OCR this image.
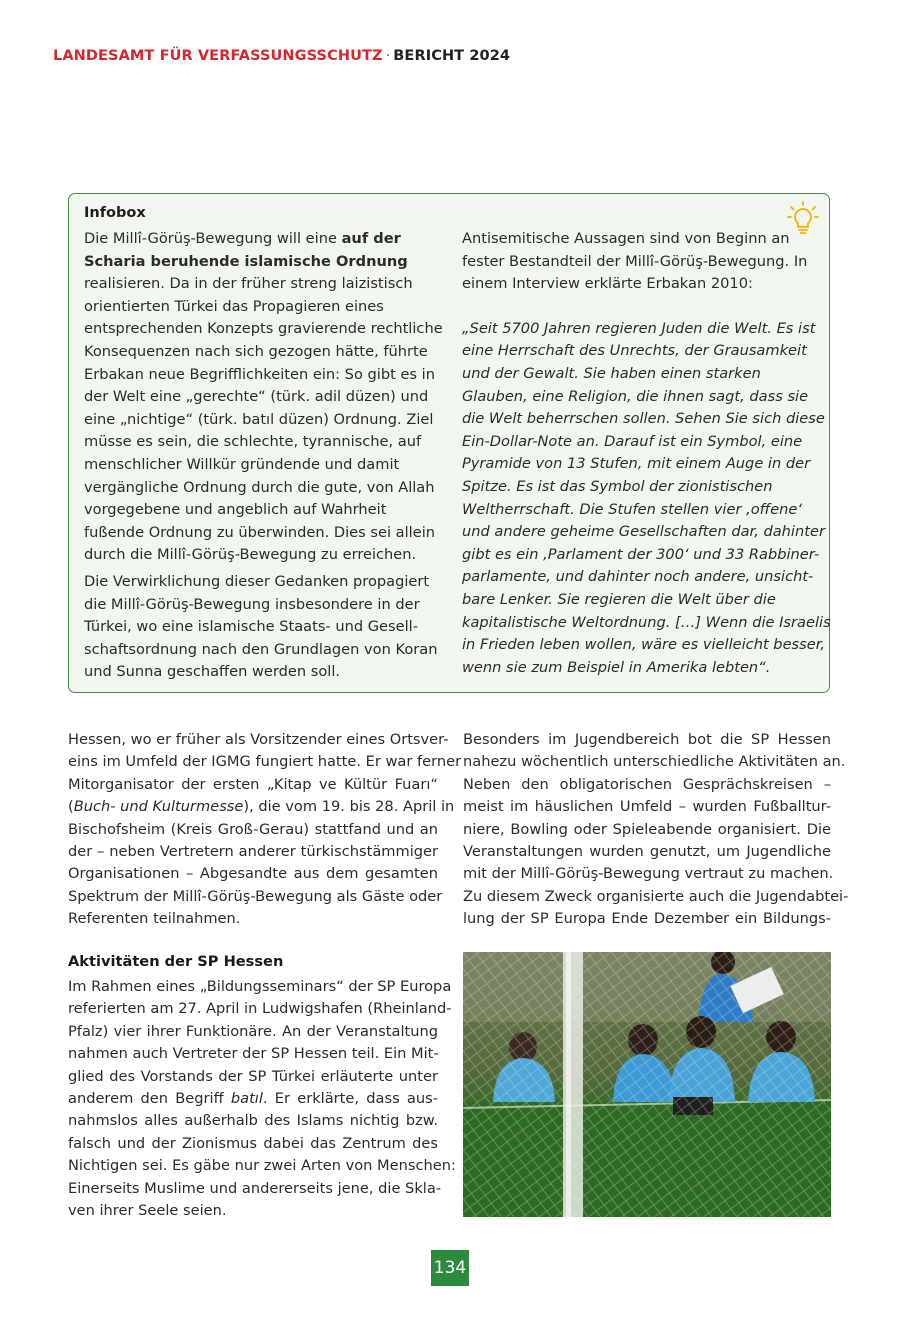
LANDESAMT FÜR VERFASSUNGSSCHUTZ · BERICHT 2024
Infobox
Die Millî-Görüş-Bewegung will eine auf der
Scharia beruhende islamische Ordnung
realisieren. Da in der früher streng laizistisch
orientierten Türkei das Propagieren eines
entsprechenden Konzepts gravierende rechtliche
Konsequenzen nach sich gezogen hätte, führte
Erbakan neue Begrifflichkeiten ein: So gibt es in
der Welt eine „gerechte“ (türk. adil düzen) und
eine „nichtige“ (türk. batıl düzen) Ordnung. Ziel
müsse es sein, die schlechte, tyrannische, auf
menschlicher Willkür gründende und damit
vergängliche Ordnung durch die gute, von Allah
vorgegebene und angeblich auf Wahrheit
fußende Ordnung zu überwinden. Dies sei allein
durch die Millî-Görüş-Bewegung zu erreichen.
Die Verwirklichung dieser Gedanken propagiert
die Millî-Görüş-Bewegung insbesondere in der
Türkei, wo eine islamische Staats- und Gesell-
schaftsordnung nach den Grundlagen von Koran
und Sunna geschaffen werden soll.
Antisemitische Aussagen sind von Beginn an
fester Bestandteil der Millî-Görüş-Bewegung. In
einem Interview erklärte Erbakan 2010:
„Seit 5700 Jahren regieren Juden die Welt. Es ist
eine Herrschaft des Unrechts, der Grausamkeit
und der Gewalt. Sie haben einen starken
Glauben, eine Religion, die ihnen sagt, dass sie
die Welt beherrschen sollen. Sehen Sie sich diese
Ein-Dollar-Note an. Darauf ist ein Symbol, eine
Pyramide von 13 Stufen, mit einem Auge in der
Spitze. Es ist das Symbol der zionistischen
Weltherrschaft. Die Stufen stellen vier ‚offene‘
und andere geheime Gesellschaften dar, dahinter
gibt es ein ‚Parlament der 300‘ und 33 Rabbiner-
parlamente, und dahinter noch andere, unsicht-
bare Lenker. Sie regieren die Welt über die
kapitalistische Weltordnung. […] Wenn die Israelis
in Frieden leben wollen, wäre es vielleicht besser,
wenn sie zum Beispiel in Amerika lebten“.
Hessen, wo er früher als Vorsitzender eines Ortsver-
eins im Umfeld der IGMG fungiert hatte. Er war ferner
Mitorganisator der ersten „Kitap ve Kültür Fuarı“
(Buch- und Kulturmesse), die vom 19. bis 28. April in
Bischofsheim (Kreis Groß-Gerau) stattfand und an
der – neben Vertretern anderer türkischstämmiger
Organisationen – Abgesandte aus dem gesamten
Spektrum der Millî-Görüş-Bewegung als Gäste oder
Referenten teilnahmen.
Aktivitäten der SP Hessen
Im Rahmen eines „Bildungsseminars“ der SP Europa
referierten am 27. April in Ludwigshafen (Rheinland-
Pfalz) vier ihrer Funktionäre. An der Veranstaltung
nahmen auch Vertreter der SP Hessen teil. Ein Mit-
glied des Vorstands der SP Türkei erläuterte unter
anderem den Begriff batıl. Er erklärte, dass aus-
nahmslos alles außerhalb des Islams nichtig bzw.
falsch und der Zionismus dabei das Zentrum des
Nichtigen sei. Es gäbe nur zwei Arten von Menschen:
Einerseits Muslime und andererseits jene, die Skla-
ven ihrer Seele seien.
Besonders im Jugendbereich bot die SP Hessen
nahezu wöchentlich unterschiedliche Aktivitäten an.
Neben den obligatorischen Gesprächskreisen –
meist im häuslichen Umfeld – wurden Fußballtur-
niere, Bowling oder Spieleabende organisiert. Die
Veranstaltungen wurden genutzt, um Jugendliche
mit der Millî-Görüş-Bewegung vertraut zu machen.
Zu diesem Zweck organisierte auch die Jugendabtei-
lung der SP Europa Ende Dezember ein Bildungs-
134
